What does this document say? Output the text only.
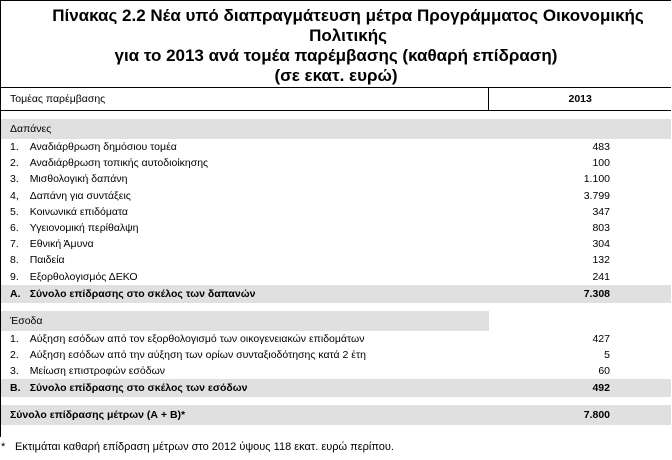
Πίνακας 2.2 Νέα υπό διαπραγμάτευση μέτρα Προγράμματος Οικονομικής Πολιτικής
για το 2013 ανά τομέα παρέμβασης (καθαρή επίδραση)
(σε εκατ. ευρώ)
Τομέας παρέμβασης		2013

Δαπάνες		
1.	Αναδιάρθρωση δημόσιου τομέα	483
2.	Αναδιάρθρωση τοπικής αυτοδιοίκησης	100
3.	Μισθολογική δαπάνη	1.100
4,	Δαπάνη για συντάξεις	3.799
5.	Κοινωνικά επιδόματα	347
6.	Υγειονομική περίθαλψη	803
7.	Εθνική Άμυνα	304
8.	Παιδεία	132
9.	Εξορθολογισμός ΔΕΚΟ	241
A.	Σύνολο επίδρασης στο σκέλος των δαπανών	7.308

Έσοδα		
1.	Αύξηση εσόδων από τον εξορθολογισμό των οικογενειακών επιδομάτων	427
2.	Αύξηση εσόδων από την αύξηση των ορίων συνταξιοδότησης κατά 2 έτη	5
3.	Μείωση επιστροφών εσόδων	60
B.	Σύνολο επίδρασης στο σκέλος των εσόδων	492

Σύνολο επίδρασης μέτρων (Α + Β)*		7.800
* Εκτιμάται καθαρή επίδραση μέτρων στο 2012 ύψους 118 εκατ. ευρώ περίπου.
